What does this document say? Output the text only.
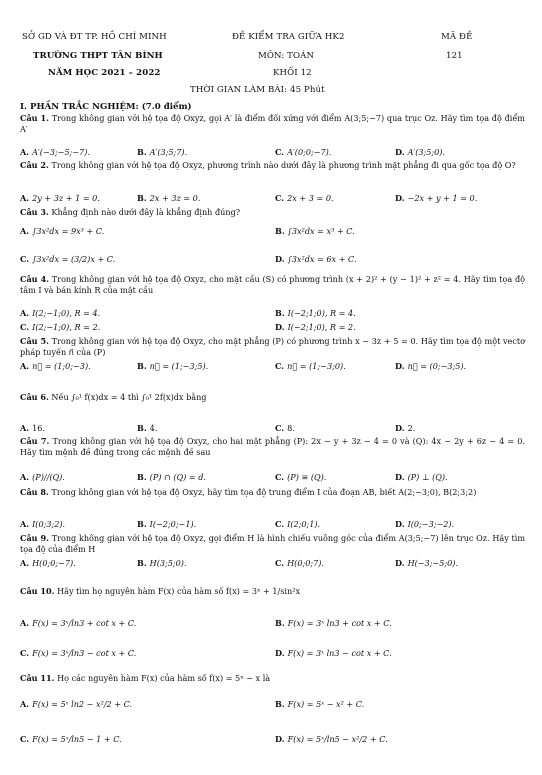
SỞ GD VÀ ĐT TP. HỒ CHÍ MINH
TRƯỜNG THPT TÂN BÌNH
NĂM HỌC 2021 – 2022
ĐỀ KIỂM TRA GIỮA HK2
MÔN: TOÁN
KHỐI 12
MÃ ĐỀ
121
THỜI GIAN LÀM BÀI: 45 Phút
I. PHẦN TRẮC NGHIỆM: (7.0 điểm)
Câu 1. Trong không gian với hệ tọa độ Oxyz, gọi A′ là điểm đối xứng với điểm A(3;5;−7) qua trục Oz. Hãy tìm tọa độ điểm A′
A. A′(−3;−5;−7).	B. A′(3;5;7).	C. A′(0;0;−7).	D. A′(3;5;0).
Câu 2. Trong không gian với hệ tọa độ Oxyz, phương trình nào dưới đây là phương trình mặt phẳng đi qua gốc tọa độ O?
A. 2y + 3z + 1 = 0.	B. 2x + 3z = 0.	C. 2x + 3 = 0.	D. −2x + y + 1 = 0.
Câu 3. Khẳng định nào dưới đây là khẳng định đúng?
A. ∫3x²dx = 9x³ + C.	B. ∫3x²dx = x³ + C.
C. ∫3x²dx = (3/2)x + C.	D. ∫3x²dx = 6x + C.
Câu 4. Trong không gian với hệ tọa độ Oxyz, cho mặt cầu (S) có phương trình (x + 2)² + (y − 1)² + z² = 4. Hãy tìm tọa độ tâm I và bán kính R của mặt cầu
A. I(2;−1;0), R = 4.	B. I(−2;1;0), R = 4.
C. I(2;−1;0), R = 2.	D. I(−2;1;0), R = 2.
Câu 5. Trong không gian với hệ tọa độ Oxyz, cho mặt phẳng (P) có phương trình x − 3z + 5 = 0. Hãy tìm tọa độ một vectơ pháp tuyến n⃗ của (P)
A. n⃗ = (1;0;−3).	B. n⃗ = (1;−3;5).	C. n⃗ = (1;−3;0).	D. n⃗ = (0;−3;5).
Câu 6. Nếu ∫₀¹ f(x)dx = 4 thì ∫₀¹ 2f(x)dx bằng
A. 16.	B. 4.	C. 8.	D. 2.
Câu 7. Trong không gian với hệ tọa độ Oxyz, cho hai mặt phẳng (P): 2x − y + 3z − 4 = 0 và (Q): 4x − 2y + 6z − 4 = 0. Hãy tìm mệnh đề đúng trong các mệnh đề sau
A. (P)//(Q).	B. (P) ∩ (Q) = d.	C. (P) ≡ (Q).	D. (P) ⊥ (Q).
Câu 8. Trong không gian với hệ tọa độ Oxyz, hãy tìm tọa độ trung điểm I của đoạn AB, biết A(2;−3;0), B(2;3;2)
A. I(0;3;2).	B. I(−2;0;−1).	C. I(2;0;1).	D. I(0;−3;−2).
Câu 9. Trong không gian với hệ tọa độ Oxyz, gọi điểm H là hình chiếu vuông góc của điểm A(3;5;−7) lên trục Oz. Hãy tìm tọa độ của điểm H
A. H(0;0;−7).	B. H(3;5;0).	C. H(0;0;7).	D. H(−3;−5;0).
Câu 10. Hãy tìm họ nguyên hàm F(x) của hàm số f(x) = 3ˣ + 1/sin²x
A. F(x) = 3ˣ/ln3 + cot x + C.	B. F(x) = 3ˣ ln3 + cot x + C.
C. F(x) = 3ˣ/ln3 − cot x + C.	D. F(x) = 3ˣ ln3 − cot x + C.
Câu 11. Họ các nguyên hàm F(x) của hàm số f(x) = 5ˣ − x là
A. F(x) = 5ˣ ln2 − x²/2 + C.	B. F(x) = 5ˣ − x² + C.
C. F(x) = 5ˣ/ln5 − 1 + C.	D. F(x) = 5ˣ/ln5 − x²/2 + C.
